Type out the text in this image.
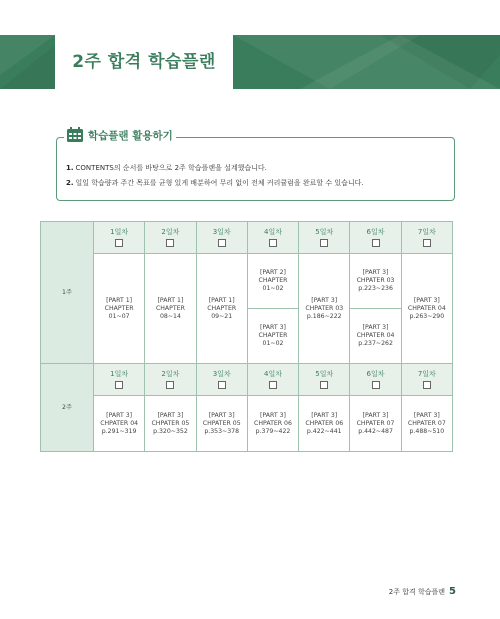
2주 합격 학습플랜
1. CONTENTS의 순서를 바탕으로 2주 학습플랜을 설계했습니다.
2. 일일 학습량과 주간 목표를 균형 있게 배분하여 무리 없이 전체 커리큘럼을 완료할 수 있습니다.
학습플랜 활용하기
1주	1일차	2일차	3일차	4일차	5일차	6일차	7일차

	[PART 1]
CHAPTER
01~07	[PART 1]
CHAPTER
08~14	[PART 1]
CHAPTER
09~21	[PART 2]
CHAPTER
01~02	[PART 3]
CHPATER 03
p.186~222	[PART 3]
CHPATER 03
p.223~236	[PART 3]
CHPATER 04
p.263~290
				[PART 3]
CHAPTER
01~02		[PART 3]
CHPATER 04
p.237~262	
2주	1일차	2일차	3일차	4일차	5일차	6일차	7일차

	[PART 3]
CHPATER 04
p.291~319	[PART 3]
CHPATER 05
p.320~352	[PART 3]
CHPATER 05
p.353~378	[PART 3]
CHPATER 06
p.379~422	[PART 3]
CHPATER 06
p.422~441	[PART 3]
CHPATER 07
p.442~487	[PART 3]
CHPATER 07
p.488~510
2주 합격 학습플랜 5
